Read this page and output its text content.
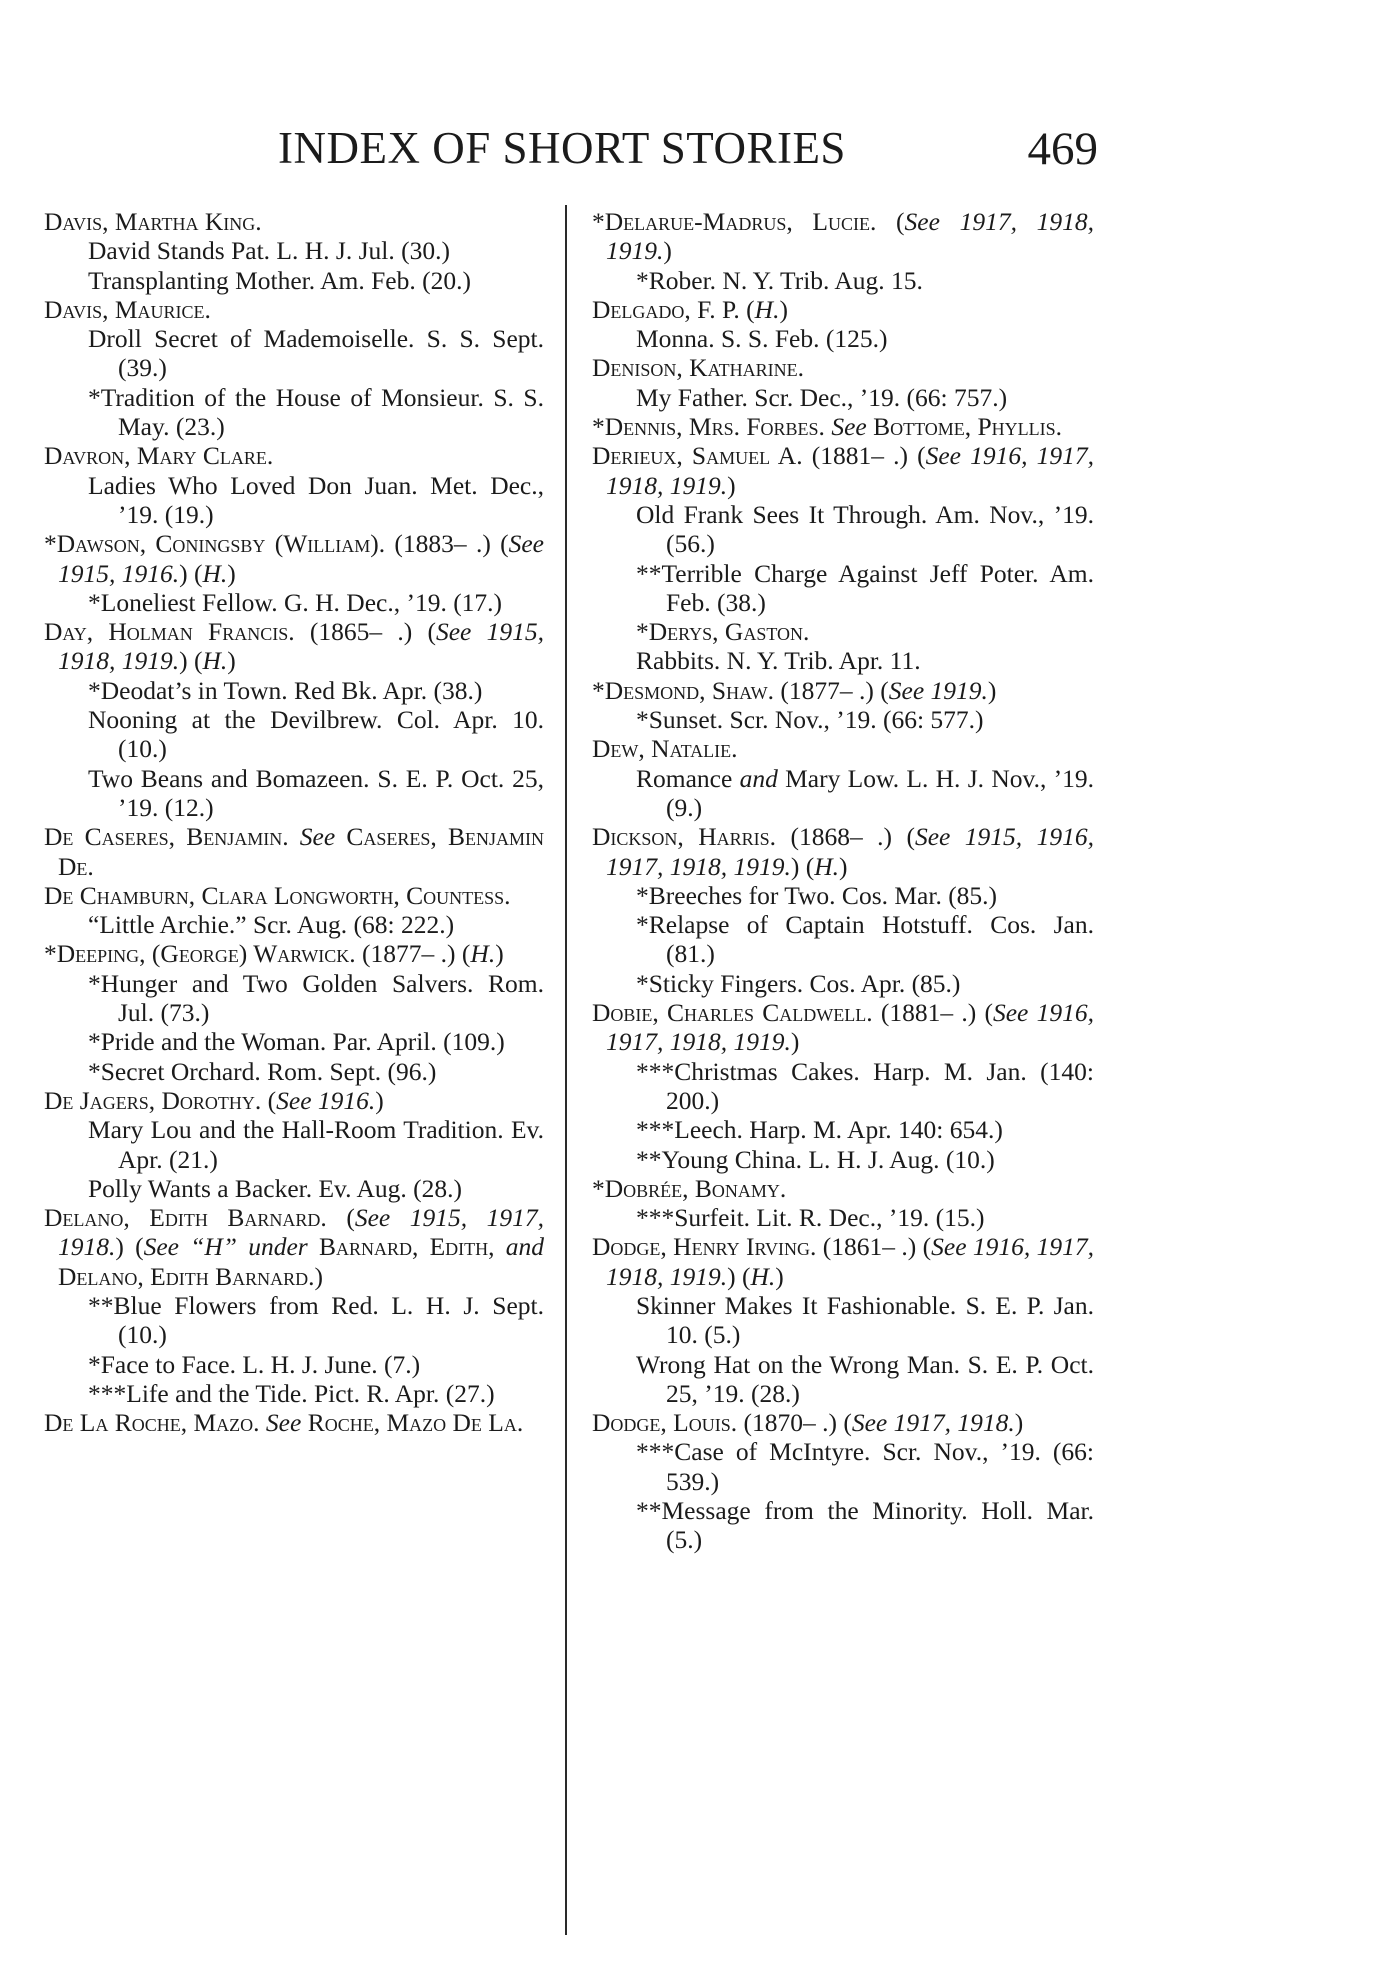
INDEX OF SHORT STORIES	469
Davis, Martha King.
David Stands Pat. L. H. J. Jul. (30.)
Transplanting Mother. Am. Feb. (20.)
Davis, Maurice.
Droll Secret of Mademoiselle. S. S. Sept. (39.)
*Tradition of the House of Monsieur. S. S. May. (23.)
Davron, Mary Clare.
Ladies Who Loved Don Juan. Met. Dec., ’19. (19.)
*Dawson, Coningsby (William). (1883– .) (See 1915, 1916.) (H.)
*Loneliest Fellow. G. H. Dec., ’19. (17.)
Day, Holman Francis. (1865– .) (See 1915, 1918, 1919.) (H.)
*Deodat’s in Town. Red Bk. Apr. (38.)
Nooning at the Devilbrew. Col. Apr. 10. (10.)
Two Beans and Bomazeen. S. E. P. Oct. 25, ’19. (12.)
De Caseres, Benjamin. See Caseres, Benjamin De.
De Chamburn, Clara Longworth, Countess.
“Little Archie.” Scr. Aug. (68: 222.)
*Deeping, (George) Warwick. (1877– .) (H.)
*Hunger and Two Golden Salvers. Rom. Jul. (73.)
*Pride and the Woman. Par. April. (109.)
*Secret Orchard. Rom. Sept. (96.)
De Jagers, Dorothy. (See 1916.)
Mary Lou and the Hall-Room Tradition. Ev. Apr. (21.)
Polly Wants a Backer. Ev. Aug. (28.)
Delano, Edith Barnard. (See 1915, 1917, 1918.) (See “H” under Barnard, Edith, and Delano, Edith Barnard.)
**Blue Flowers from Red. L. H. J. Sept. (10.)
*Face to Face. L. H. J. June. (7.)
***Life and the Tide. Pict. R. Apr. (27.)
De La Roche, Mazo. See Roche, Mazo De La.
*Delarue-Madrus, Lucie. (See 1917, 1918, 1919.)
*Rober. N. Y. Trib. Aug. 15.
Delgado, F. P. (H.)
Monna. S. S. Feb. (125.)
Denison, Katharine.
My Father. Scr. Dec., ’19. (66: 757.)
*Dennis, Mrs. Forbes. See Bottome, Phyllis.
Derieux, Samuel A. (1881– .) (See 1916, 1917, 1918, 1919.)
Old Frank Sees It Through. Am. Nov., ’19. (56.)
**Terrible Charge Against Jeff Poter. Am. Feb. (38.)
*Derys, Gaston.
Rabbits. N. Y. Trib. Apr. 11.
*Desmond, Shaw. (1877– .) (See 1919.)
*Sunset. Scr. Nov., ’19. (66: 577.)
Dew, Natalie.
Romance and Mary Low. L. H. J. Nov., ’19. (9.)
Dickson, Harris. (1868– .) (See 1915, 1916, 1917, 1918, 1919.) (H.)
*Breeches for Two. Cos. Mar. (85.)
*Relapse of Captain Hotstuff. Cos. Jan. (81.)
*Sticky Fingers. Cos. Apr. (85.)
Dobie, Charles Caldwell. (1881– .) (See 1916, 1917, 1918, 1919.)
***Christmas Cakes. Harp. M. Jan. (140: 200.)
***Leech. Harp. M. Apr. 140: 654.)
**Young China. L. H. J. Aug. (10.)
*Dobrée, Bonamy.
***Surfeit. Lit. R. Dec., ’19. (15.)
Dodge, Henry Irving. (1861– .) (See 1916, 1917, 1918, 1919.) (H.)
Skinner Makes It Fashionable. S. E. P. Jan. 10. (5.)
Wrong Hat on the Wrong Man. S. E. P. Oct. 25, ’19. (28.)
Dodge, Louis. (1870– .) (See 1917, 1918.)
***Case of McIntyre. Scr. Nov., ’19. (66: 539.)
**Message from the Minority. Holl. Mar. (5.)
